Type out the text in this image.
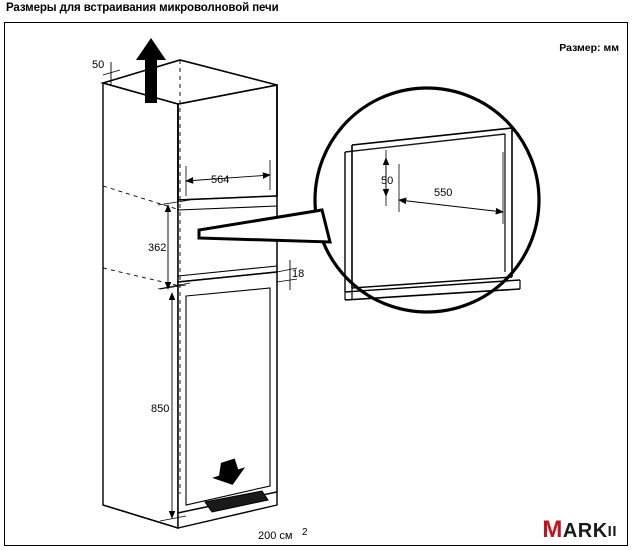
Размеры для встраивания микроволновой печи
Размер: мм
50
564
362
18
850
200 см 2
50
550
MARKII
